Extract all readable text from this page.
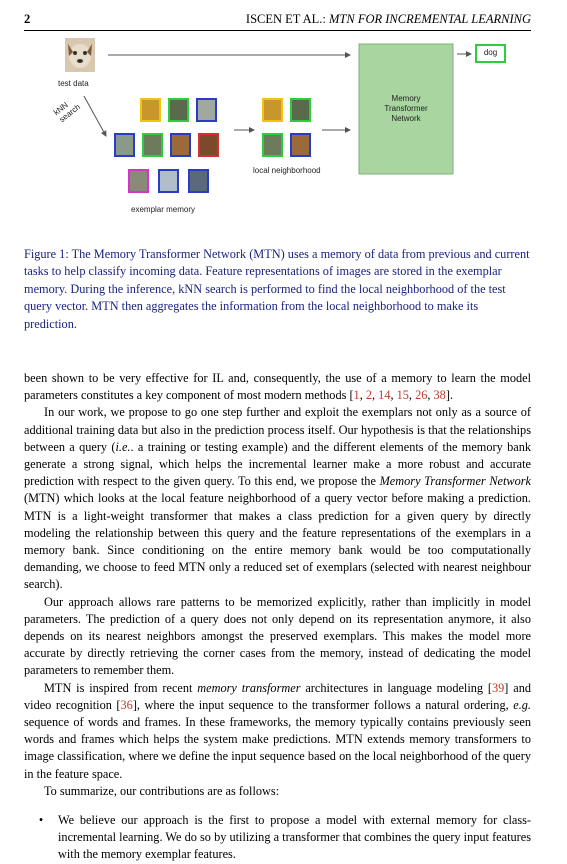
2	ISCEN ET AL.: MTN FOR INCREMENTAL LEARNING
test data
kNN
search
Memory
Transformer
Network
dog
local neighborhood
exemplar memory
Figure 1: The Memory Transformer Network (MTN) uses a memory of data from previous and current tasks to help classify incoming data. Feature representations of images are stored in the exemplar memory. During the inference, kNN search is performed to find the local neighborhood of the test query vector. MTN then aggregates the information from the local neighborhood to make its prediction.

been shown to be very effective for IL and, consequently, the use of a memory to learn the model parameters constitutes a key component of most modern methods [1, 2, 14, 15, 26, 38].

In our work, we propose to go one step further and exploit the exemplars not only as a source of additional training data but also in the prediction process itself. Our hypothesis is that the relationships between a query (i.e.. a training or testing example) and the different elements of the memory bank generate a strong signal, which helps the incremental learner make a more robust and accurate prediction with respect to the given query. To this end, we propose the Memory Transformer Network (MTN) which looks at the local feature neighborhood of a query vector before making a prediction. MTN is a light-weight transformer that makes a class prediction for a given query by directly modeling the relationship between this query and the feature representations of the exemplars in a memory bank. Since conditioning on the entire memory bank would be too computationally demanding, we choose to feed MTN only a reduced set of exemplars (selected with nearest neighbour search).

Our approach allows rare patterns to be memorized explicitly, rather than implicitly in model parameters. The prediction of a query does not only depend on its representation anymore, it also depends on its nearest neighbors amongst the preserved exemplars. This makes the model more accurate by directly retrieving the corner cases from the memory, instead of dedicating the model parameters to remember them.

MTN is inspired from recent memory transformer architectures in language modeling [39] and video recognition [36], where the input sequence to the transformer follows a natural ordering, e.g. sequence of words and frames. In these frameworks, the memory typically contains previously seen words and frames which helps the system make predictions. MTN extends memory transformers to image classification, where we define the input sequence based on the local neighborhood of the query in the feature space.

To summarize, our contributions are as follows:

•	We believe our approach is the first to propose a model with external memory for class-incremental learning. We do so by utilizing a transformer that combines the query input features with the memory exemplar features.
